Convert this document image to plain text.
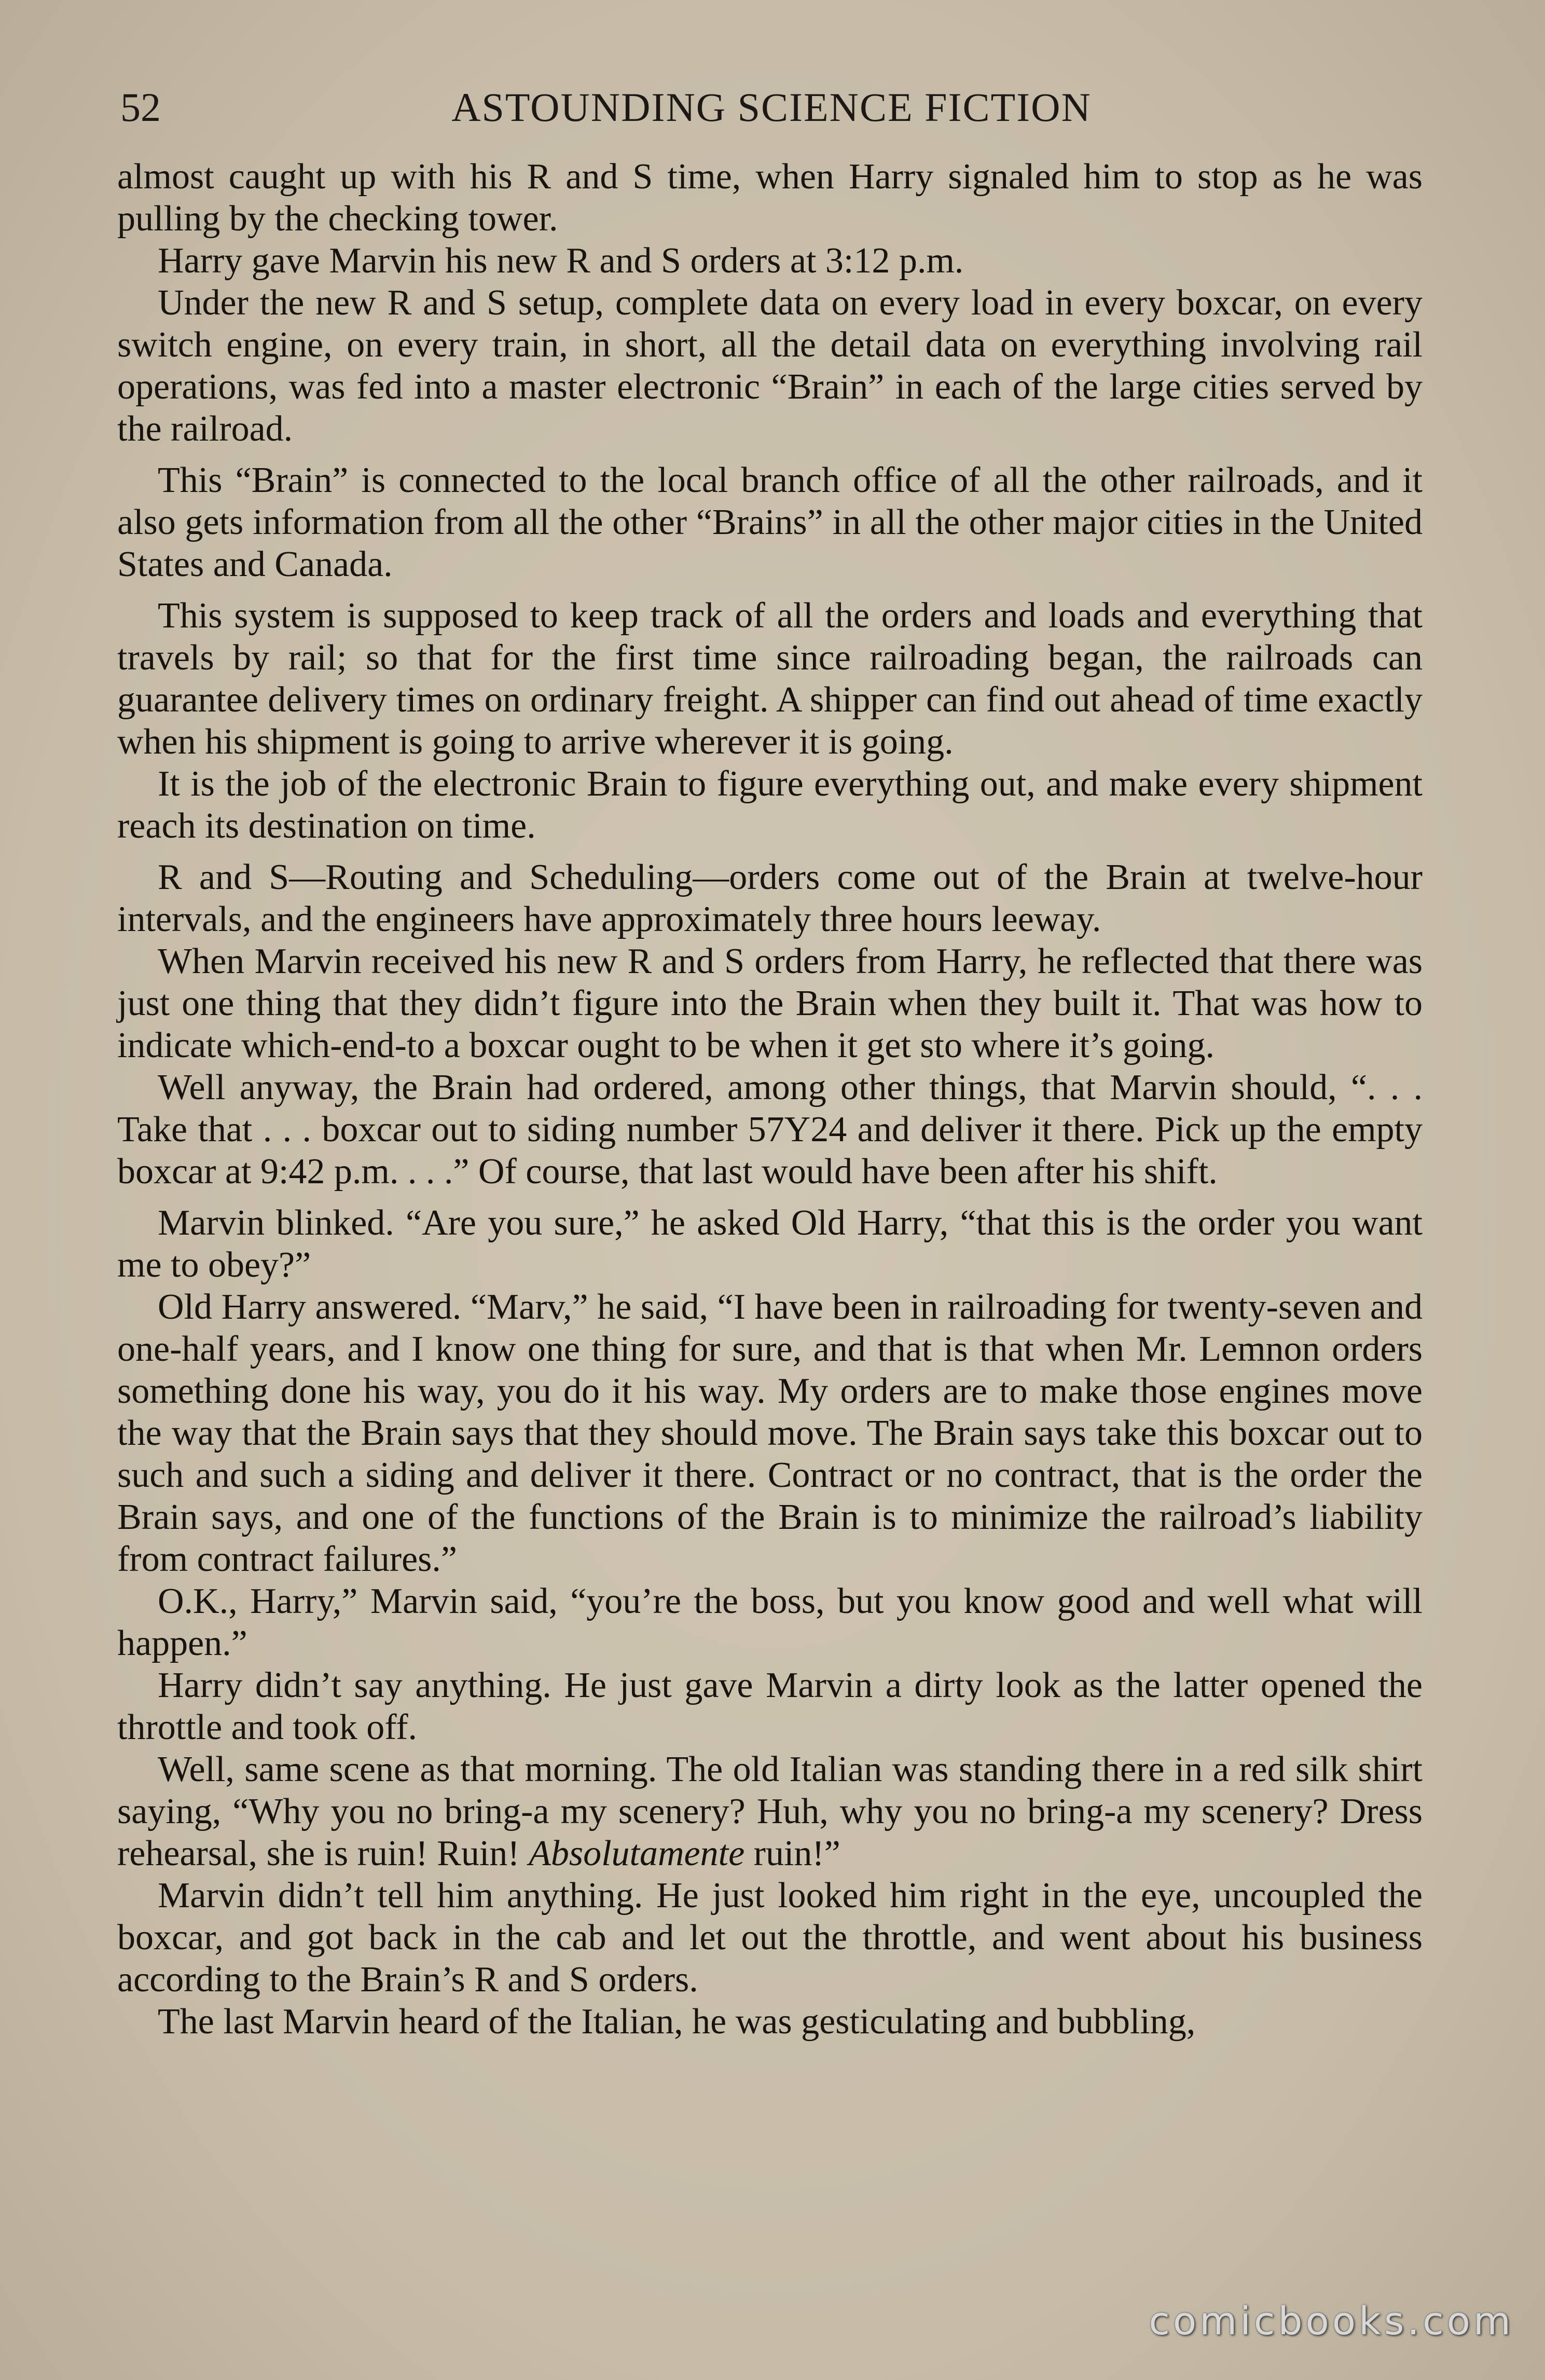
52	ASTOUNDING SCIENCE FICTION

almost caught up with his R and S time, when Harry signaled him to stop as he was pulling by the checking tower.

Harry gave Marvin his new R and S orders at 3:12 p.m.

Under the new R and S setup, complete data on every load in every boxcar, on every switch engine, on every train, in short, all the detail data on everything involving rail operations, was fed into a master electronic “Brain” in each of the large cities served by the railroad.

This “Brain” is connected to the local branch office of all the other railroads, and it also gets information from all the other “Brains” in all the other major cities in the United States and Canada.

This system is supposed to keep track of all the orders and loads and everything that travels by rail; so that for the first time since railroading began, the railroads can guarantee delivery times on ordinary freight. A shipper can find out ahead of time exactly when his shipment is going to arrive wherever it is going.

It is the job of the electronic Brain to figure everything out, and make every shipment reach its destination on time.

R and S—Routing and Scheduling—orders come out of the Brain at twelve-hour intervals, and the engineers have approximately three hours leeway.

When Marvin received his new R and S orders from Harry, he reflected that there was just one thing that they didn’t figure into the Brain when they built it. That was how to indicate which-end-to a boxcar ought to be when it get sto where it’s going.

Well anyway, the Brain had ordered, among other things, that Marvin should, “. . . Take that . . . boxcar out to siding number 57Y24 and deliver it there. Pick up the empty boxcar at 9:42 p.m. . . .” Of course, that last would have been after his shift.

Marvin blinked. “Are you sure,” he asked Old Harry, “that this is the order you want me to obey?”

Old Harry answered. “Marv,” he said, “I have been in railroading for twenty-seven and one-half years, and I know one thing for sure, and that is that when Mr. Lemnon orders something done his way, you do it his way. My orders are to make those engines move the way that the Brain says that they should move. The Brain says take this boxcar out to such and such a siding and deliver it there. Contract or no contract, that is the order the Brain says, and one of the functions of the Brain is to minimize the railroad’s liability from contract failures.”

O.K., Harry,” Marvin said, “you’re the boss, but you know good and well what will happen.”

Harry didn’t say anything. He just gave Marvin a dirty look as the latter opened the throttle and took off.

Well, same scene as that morning. The old Italian was standing there in a red silk shirt saying, “Why you no bring-a my scenery? Huh, why you no bring-a my scenery? Dress rehearsal, she is ruin! Ruin! Absolutamente ruin!”

Marvin didn’t tell him anything. He just looked him right in the eye, uncoupled the boxcar, and got back in the cab and let out the throttle, and went about his business according to the Brain’s R and S orders.

The last Marvin heard of the Italian, he was gesticulating and bubbling,

comicbooks.com
